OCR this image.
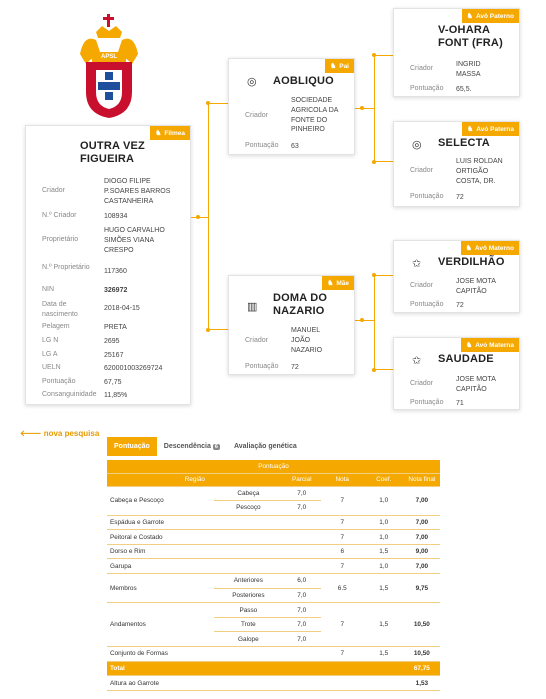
APSL
♞ Filmea
OUTRA VEZ FIGUEIRA
Criador
DIOGO FILIPE P.SOARES BARROS CASTANHEIRA
N.º Criador	108934
Proprietário
HUGO CARVALHO SIMÕES VIANA CRESPO
N.º Proprietário
117360
NIN	326972
Data de nascimento
2018-04-15
Pelagem	PRETA
LG N	2695
LG A	25167
UELN	620001003269724
Pontuação	67,75
Consanguinidade	11,85%
♞ Pai
◎ AOBLIQUO
Criador
SOCIEDADE AGRICOLA DA FONTE DO PINHEIRO
Pontuação	63
♞ Mãe
▥
DOMA DO NAZARIO
Criador
MANUEL JOÃO NAZARIO
Pontuação	72
♞ Avô Paterno
V-OHARA FONT (FRA)
Criador
INGRID MASSA
Pontuação	65,5.
♞ Avó Paterna
◎ SELECTA
Criador
LUIS ROLDAN ORTIGÃO COSTA, DR.
Pontuação	72
♞ Avô Materno
✩ VERDILHÃO
Criador
JOSE MOTA CAPITÃO
Pontuação	72
♞ Avó Materna
✩ SAUDADE
Criador
JOSE MOTA CAPITÃO
Pontuação	71
🡐 nova pesquisa
Pontuação	Descendência 6	Avaliação genética
Pontuação					
Região		Parcial	Nota	Coef.	Nota final
Cabeça e Pescoço	Cabeça	7,0	7	1,0	7,00
	Pescoço	7,0			
Espádua e Garrote			7	1,0	7,00
Peitoral e Costado			7	1,0	7,00
Dorso e Rim			6	1,5	9,00
Garupa			7	1,0	7,00
Membros	Anteriores	6,0	6.5	1,5	9,75
	Posteriores	7,0			
Andamentos	Passo	7,0	7	1,5	10,50
	Trote	7,0			
	Galope	7,0			
Conjunto de Formas			7	1,5	10,50
Total					67,75
Altura ao Garrote					1,53
